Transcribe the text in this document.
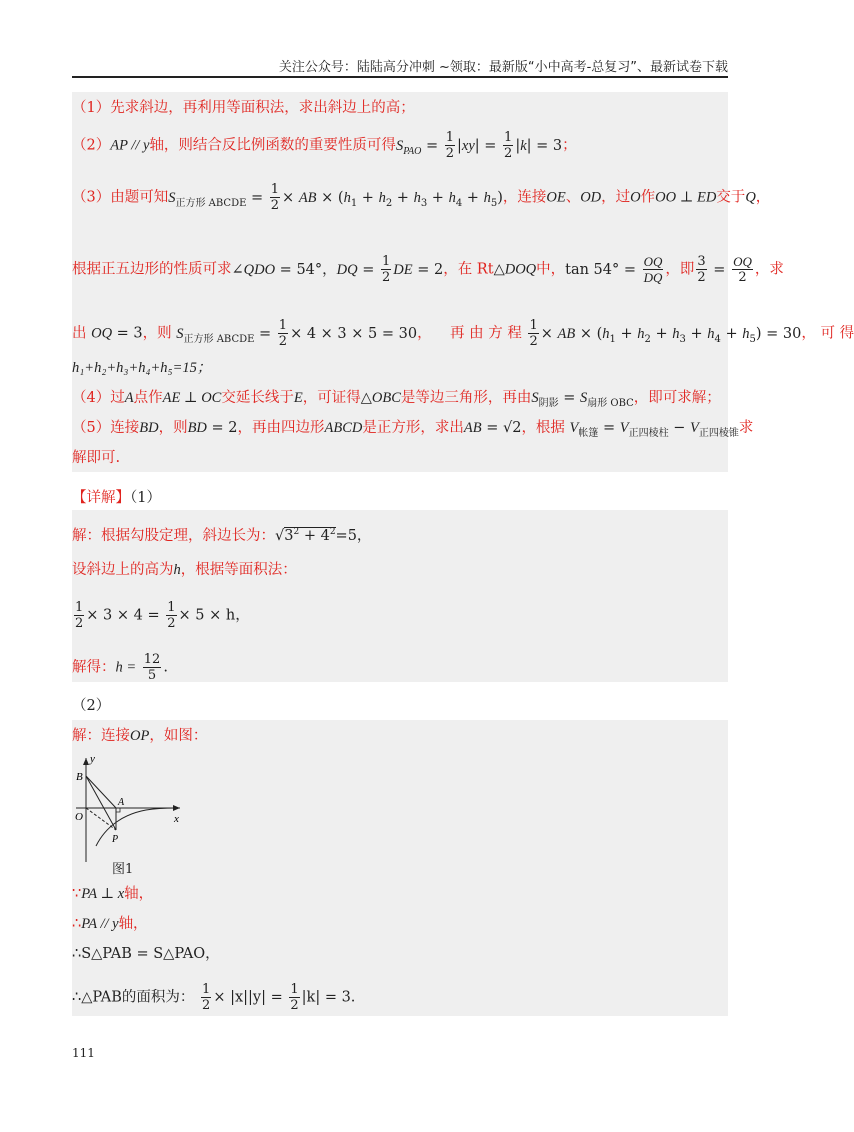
关注公众号：陆陆高分冲刺 ~领取：最新版“小中高考-总复习”、最新试卷下载
（1）先求斜边，再利用等面积法，求出斜边上的高；
（2）AP // y轴，则结合反比例函数的重要性质可得$S_{PAO} = \frac{1}{2} |xy| = \frac{1}{2} |k| = 3$；
（3）由题可知$S_{正方形 ABCDE} = \frac{1}{2}$ × AB × $(h_1 + h_2 + h_3 + h_4 + h_5)$，连接OE、OD，过O作OO ⊥ ED交于Q，
根据正五边形的性质可求∠QDO = 54°，DQ = $\frac{1}{2}$ DE = 2，在 Rt△DOQ中，$\tan 54^\circ = \frac{OQ}{DQ}$ ，即 $\frac{3}{2} = \frac{OQ}{2}$ ，求
出 OQ = 3，则 $S_{正方形 ABCDE} = \frac{1}{2} \times 4 \times 3 \times 5 = 30$，    再 由 方 程 $\frac{1}{2}$ × AB × $(h_1 + h_2 + h_3 + h_4 + h_5) = 30$， 可 得
h₁+h₂+h₃+h₄+h₅=15；
（4）过A点作AE ⊥ OC交延长线于E，可证得△OBC是等边三角形，再由$S_{阴影} = S_{扇形 OBC}$，即可求解；
（5）连接BD，则BD = 2，再由四边形ABCD是正方形，求出AB = √2，根据 $V_{帐篷} = V_{正四棱柱} - V_{正四棱锥}$求
解即可.
【详解】（1）
解：根据勾股定理，斜边长为：$√3^2 + 4^2=5$，
设斜边上的高为h，根据等面积法：
$\frac{1}{2} \times 3 \times 4 = \frac{1}{2} \times 5 \times h$，
解得：$h = \frac{12}{5}$ .
（2）
解：连接OP，如图：
B
A
O
P
x
y
图1
∵PA ⊥ x轴，
∴PA // y轴，
∴S△PAB = S△PAO，
∴△PAB的面积为： $\frac{1}{2} \times |x||y| = \frac{1}{2} |k| = 3$.
111
